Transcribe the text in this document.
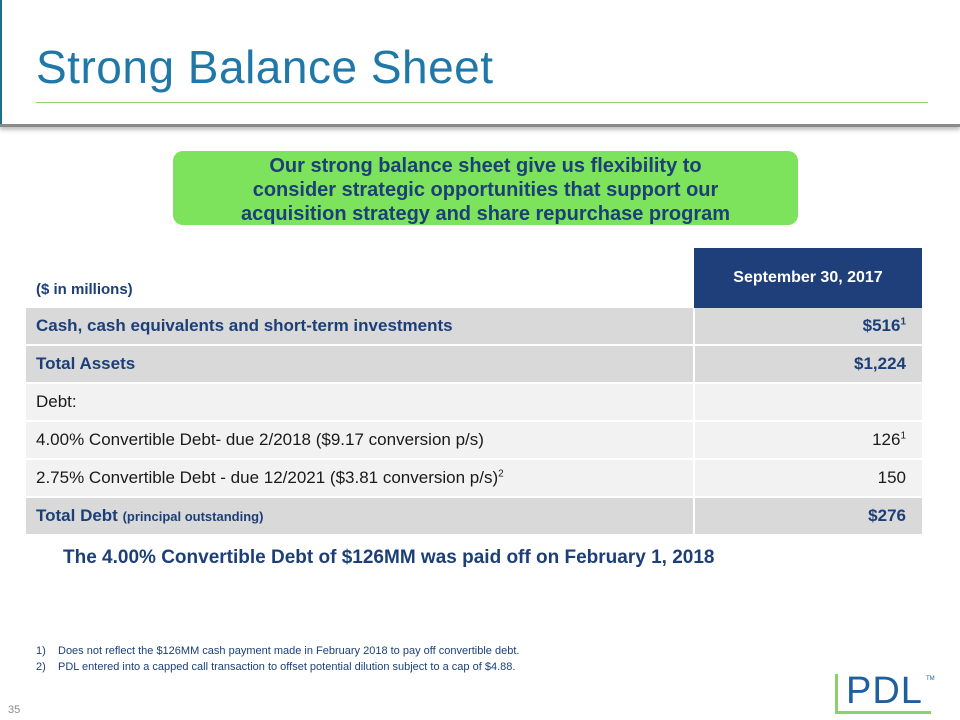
Strong Balance Sheet
Our strong balance sheet give us flexibility to
consider strategic opportunities that support our
acquisition strategy and share repurchase program
($ in millions)	September 30, 2017
Cash, cash equivalents and short-term investments	$\$516^1$
Total Assets	$1,224
Debt:	
4.00% Convertible Debt- due 2/2018 ($9.17 conversion p/s)	$126^1$
2.75% Convertible Debt - due 12/2021 ($3.81 conversion p/s)$^2$	150
Total Debt (principal outstanding)	$276
The 4.00% Convertible Debt of $126MM was paid off on February 1, 2018
1) Does not reflect the $126MM cash payment made in February 2018 to pay off convertible debt.
2) PDL entered into a capped call transaction to offset potential dilution subject to a cap of $4.88.
35	PDL TM
